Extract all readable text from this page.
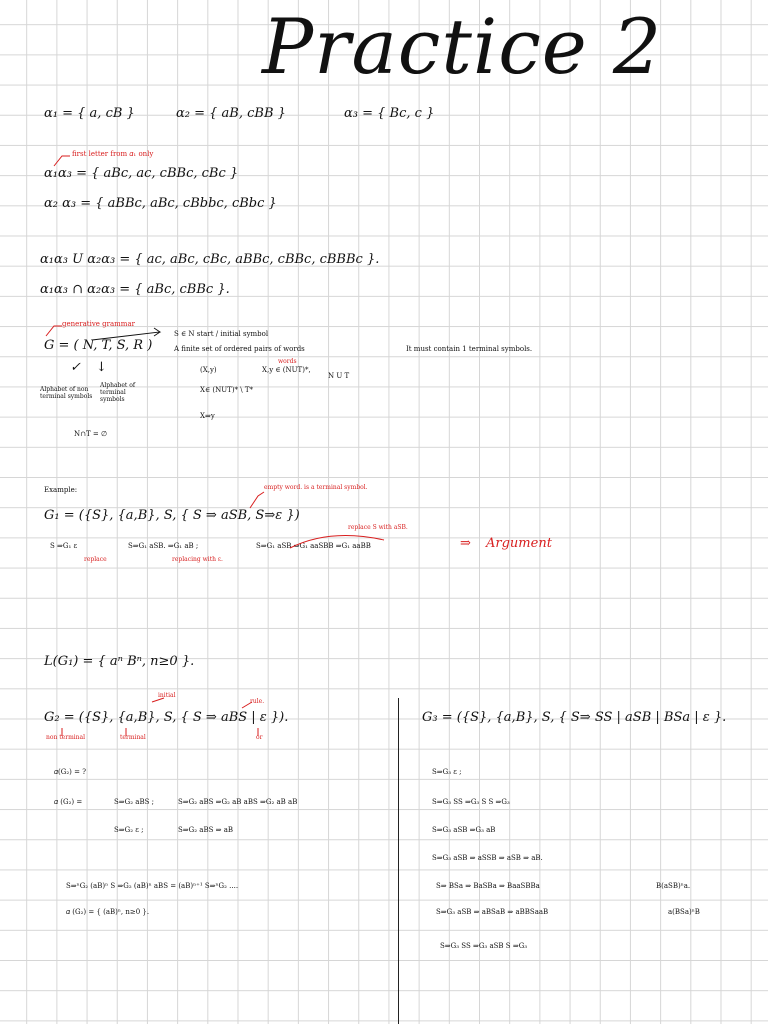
Practice 2

𝛼₁ = { a, cB }	𝛼₂ = { aB, cBB }	𝛼₃ = { Bc, c }

first letter from 𝛼₁ only

𝛼₁𝛼₃ = { aBc, ac, cBBc, cBc }

𝛼₂ 𝛼₃ = { aBBc, aBc, cBbbc, cBbc }

𝛼₁𝛼₃ U 𝛼₂𝛼₃ = { ac, aBc, cBc, aBBc, cBBc, cBBBc }.

𝛼₁𝛼₃ ∩ 𝛼₂𝛼₃ = { aBc, cBBc }.

generative grammar

G = ( N, T, S, R )

S ∈ N start / initial symbol

A finite set of ordered pairs of words	It must contain 1 terminal symbols.

words

(X,y)	X,y ∈ (NUT)*,

N U T

X∈ (NUT)* \ T*

X⇒y

✓ ↓

Alphabet of non terminal symbols

Alphabet of terminal symbols

N∩T = ∅

Example:	empty word. is a terminal symbol.

G₁ = ({S}, {a,B}, S, { S ⇒ aSB, S⇒ε })

replace S with aSB.

S ⇒G₁ ε

replace

S⇒G₁ aSB. ⇒G₁ aB ;

replacing with ε.

S⇒G₁ aSB ⇒G₁ aaSBB ⇒G₁ aaBB	⇒ Argument

L(G₁) = { aⁿ Bⁿ, n≥0 }.

initial

rule.

G₂ = ({S}, {a,B}, S, { S ⇒ aBS | ε }).

non terminal	terminal	or

𝛼(G₂) = ?

𝛼 (G₂) =	S⇒G₂ aBS ;	S⇒G₂ aBS ⇒G₂ aB aBS ⇒G₂ aB aB

S⇒G₂ ε ;	S⇒G₂ aBS ⇒ aB

S⇒ⁿG₂ (aB)ⁿ S ⇒G₂ (aB)ⁿ aBS = (aB)ⁿ⁺¹ S⇒ⁿG₂ ....

𝛼 (G₂) = { (aB)ⁿ, n≥0 }.

G₃ = ({S}, {a,B}, S, { S⇒ SS | aSB | BSa | ε }.

S⇒G₃ ε ;

S⇒G₃ SS ⇒G₃ S S ⇒G₃

S⇒G₃ aSB ⇒G₃ aB

S⇒G₃ aSB ⇒ aSSB ⇒ aSB ⇒ aB.

S⇒ BSa ⇒ BaSBa ⇒ BaaSBBa	B(aSB)ⁿa.

S⇒G₃ aSB ⇒ aBSaB ⇒ aBBSaaB	a(BSa)ⁿB

S⇒G₃ SS ⇒G₃ aSB S ⇒G₃
